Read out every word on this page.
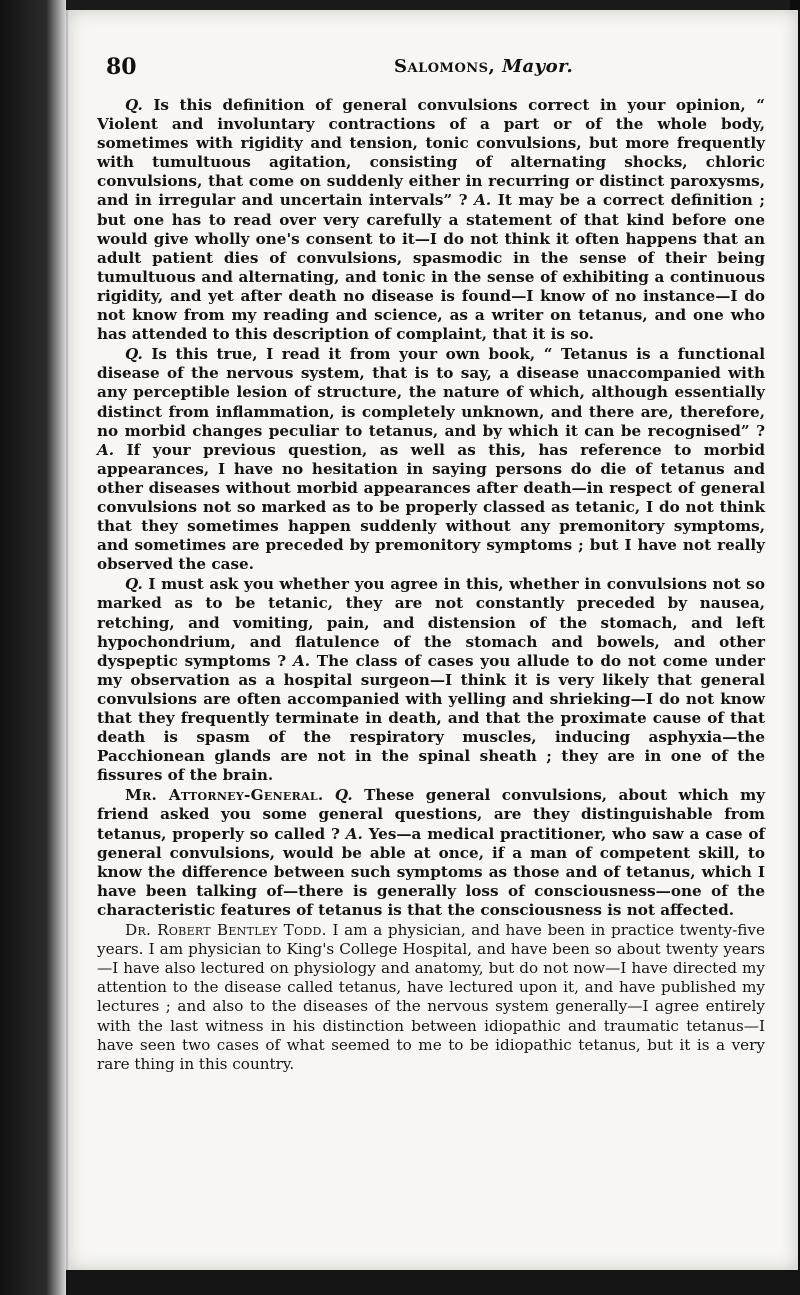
80	Salomons, Mayor.

Q. Is this definition of general convulsions correct in your opinion, “ Violent and involuntary contractions of a part or of the whole body, sometimes with rigidity and tension, tonic convulsions, but more frequently with tumultuous agitation, consisting of alternating shocks, chloric convulsions, that come on suddenly either in recurring or distinct paroxysms, and in irregular and uncertain intervals” ? A. It may be a correct definition ; but one has to read over very carefully a statement of that kind before one would give wholly one's consent to it—I do not think it often happens that an adult patient dies of convulsions, spasmodic in the sense of their being tumultuous and alternating, and tonic in the sense of exhibiting a continuous rigidity, and yet after death no disease is found—I know of no instance—I do not know from my reading and science, as a writer on tetanus, and one who has attended to this description of complaint, that it is so.

Q. Is this true, I read it from your own book, “ Tetanus is a functional disease of the nervous system, that is to say, a disease unaccompanied with any perceptible lesion of structure, the nature of which, although essentially distinct from inflammation, is completely unknown, and there are, therefore, no morbid changes peculiar to tetanus, and by which it can be recognised” ? A. If your previous question, as well as this, has reference to morbid appearances, I have no hesitation in saying persons do die of tetanus and other diseases without morbid appearances after death—in respect of general convulsions not so marked as to be properly classed as tetanic, I do not think that they sometimes happen suddenly without any premonitory symptoms, and sometimes are preceded by premonitory symptoms ; but I have not really observed the case.

Q. I must ask you whether you agree in this, whether in convulsions not so marked as to be tetanic, they are not constantly preceded by nausea, retching, and vomiting, pain, and distension of the stomach, and left hypochondrium, and flatulence of the stomach and bowels, and other dyspeptic symptoms ? A. The class of cases you allude to do not come under my observation as a hospital surgeon—I think it is very likely that general convulsions are often accompanied with yelling and shrieking—I do not know that they frequently terminate in death, and that the proximate cause of that death is spasm of the respiratory muscles, inducing asphyxia—the Pacchionean glands are not in the spinal sheath ; they are in one of the fissures of the brain.

Mr. Attorney-General. Q. These general convulsions, about which my friend asked you some general questions, are they distinguishable from tetanus, properly so called ? A. Yes—a medical practitioner, who saw a case of general convulsions, would be able at once, if a man of competent skill, to know the difference between such symptoms as those and of tetanus, which I have been talking of—there is generally loss of consciousness—one of the characteristic features of tetanus is that the consciousness is not affected.

Dr. Robert Bentley Todd. I am a physician, and have been in practice twenty-five years. I am physician to King's College Hospital, and have been so about twenty years—I have also lectured on physiology and anatomy, but do not now—I have directed my attention to the disease called tetanus, have lectured upon it, and have published my lectures ; and also to the diseases of the nervous system generally—I agree entirely with the last witness in his distinction between idiopathic and traumatic tetanus—I have seen two cases of what seemed to me to be idiopathic tetanus, but it is a very rare thing in this country.
